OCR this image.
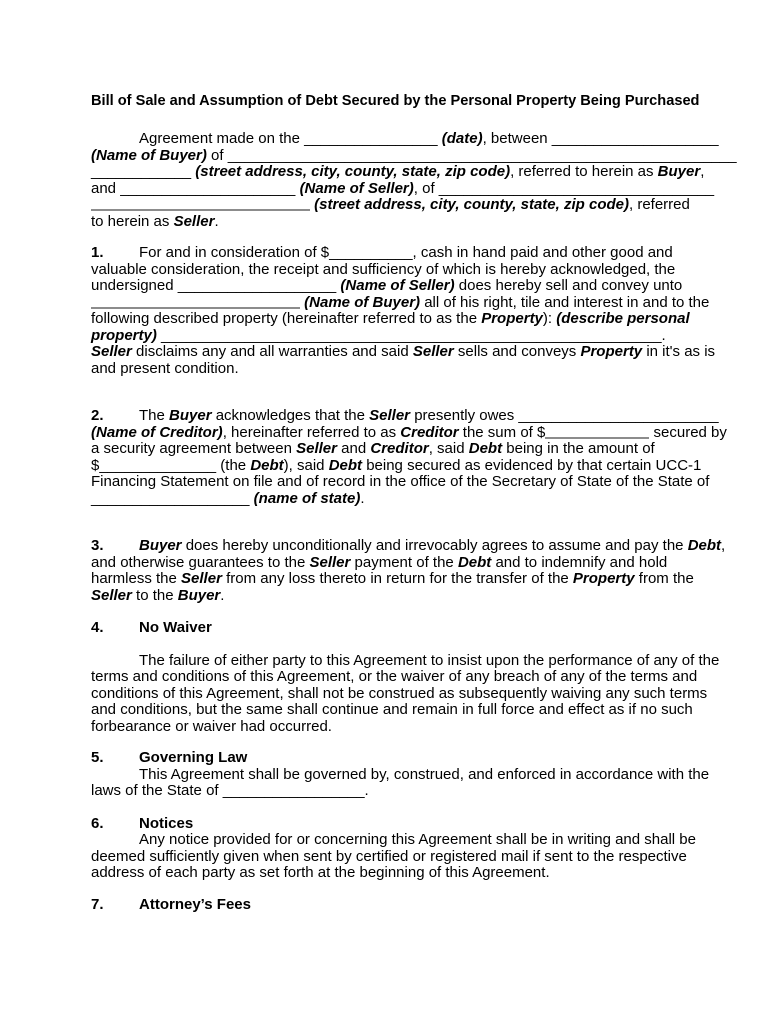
Bill of Sale and Assumption of Debt Secured by the Personal Property Being Purchased
Agreement made on the ________________ (date), between ____________________
(Name of Buyer) of _____________________________________________________________
____________ (street address, city, county, state, zip code), referred to herein as Buyer,
and _____________________ (Name of Seller), of _________________________________
(street address, city, county, state, zip code), referred
to herein as Seller.
1. For and in consideration of $__________, cash in hand paid and other good and
valuable consideration, the receipt and sufficiency of which is hereby acknowledged, the
undersigned ___________________ (Name of Seller) does hereby sell and convey unto
(Name of Buyer) all of his right, tile and interest in and to the
following described property (hereinafter referred to as the Property): (describe personal
property) ____________________________________________________________.
Seller disclaims any and all warranties and said Seller sells and conveys Property in it's as is
and present condition.
2. The Buyer acknowledges that the Seller presently owes ________________________
(Name of Creditor), hereinafter referred to as Creditor the sum of $	secured by
a security agreement between Seller and Creditor, said Debt being in the amount of
$______________ (the Debt), said Debt being secured as evidenced by that certain UCC-1
Financing Statement on file and of record in the office of the Secretary of State of the State of
___________________ (name of state).
3. Buyer does hereby unconditionally and irrevocably agrees to assume and pay the Debt,
and otherwise guarantees to the Seller payment of the Debt and to indemnify and hold
harmless the Seller from any loss thereto in return for the transfer of the Property from the
Seller to the Buyer.
4. No Waiver
The failure of either party to this Agreement to insist upon the performance of any of the
terms and conditions of this Agreement, or the waiver of any breach of any of the terms and
conditions of this Agreement, shall not be construed as subsequently waiving any such terms
and conditions, but the same shall continue and remain in full force and effect as if no such
forbearance or waiver had occurred.
5. Governing Law
This Agreement shall be governed by, construed, and enforced in accordance with the
laws of the State of _________________.
6. Notices
Any notice provided for or concerning this Agreement shall be in writing and shall be
deemed sufficiently given when sent by certified or registered mail if sent to the respective
address of each party as set forth at the beginning of this Agreement.
7. Attorney’s Fees
